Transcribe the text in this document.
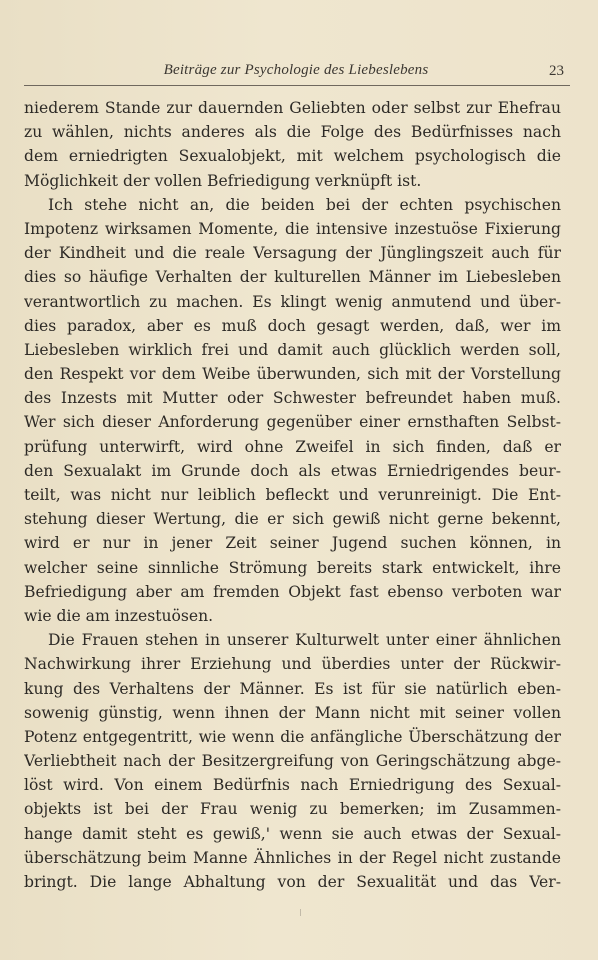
Beiträge zur Psychologie des Liebeslebens	23
niederem Stande zur dauernden Geliebten oder selbst zur Ehefrau
zu wählen, nichts anderes als die Folge des Bedürfnisses nach
dem erniedrigten Sexualobjekt, mit welchem psychologisch die
Möglichkeit der vollen Befriedigung verknüpft ist.
Ich stehe nicht an, die beiden bei der echten psychischen
Impotenz wirksamen Momente, die intensive inzestuöse Fixierung
der Kindheit und die reale Versagung der Jünglingszeit auch für
dies so häufige Verhalten der kulturellen Männer im Liebesleben
verantwortlich zu machen. Es klingt wenig anmutend und über-
dies paradox, aber es muß doch gesagt werden, daß, wer im
Liebesleben wirklich frei und damit auch glücklich werden soll,
den Respekt vor dem Weibe überwunden, sich mit der Vorstellung
des Inzests mit Mutter oder Schwester befreundet haben muß.
Wer sich dieser Anforderung gegenüber einer ernsthaften Selbst-
prüfung unterwirft, wird ohne Zweifel in sich finden, daß er
den Sexualakt im Grunde doch als etwas Erniedrigendes beur-
teilt, was nicht nur leiblich befleckt und verunreinigt. Die Ent-
stehung dieser Wertung, die er sich gewiß nicht gerne bekennt,
wird er nur in jener Zeit seiner Jugend suchen können, in
welcher seine sinnliche Strömung bereits stark entwickelt, ihre
Befriedigung aber am fremden Objekt fast ebenso verboten war
wie die am inzestuösen.
Die Frauen stehen in unserer Kulturwelt unter einer ähnlichen
Nachwirkung ihrer Erziehung und überdies unter der Rückwir-
kung des Verhaltens der Männer. Es ist für sie natürlich eben-
sowenig günstig, wenn ihnen der Mann nicht mit seiner vollen
Potenz entgegentritt, wie wenn die anfängliche Überschätzung der
Verliebtheit nach der Besitzergreifung von Geringschätzung abge-
löst wird. Von einem Bedürfnis nach Erniedrigung des Sexual-
objekts ist bei der Frau wenig zu bemerken; im Zusammen-
hange damit steht es gewiß,' wenn sie auch etwas der Sexual-
überschätzung beim Manne Ähnliches in der Regel nicht zustande
bringt. Die lange Abhaltung von der Sexualität und das Ver-
